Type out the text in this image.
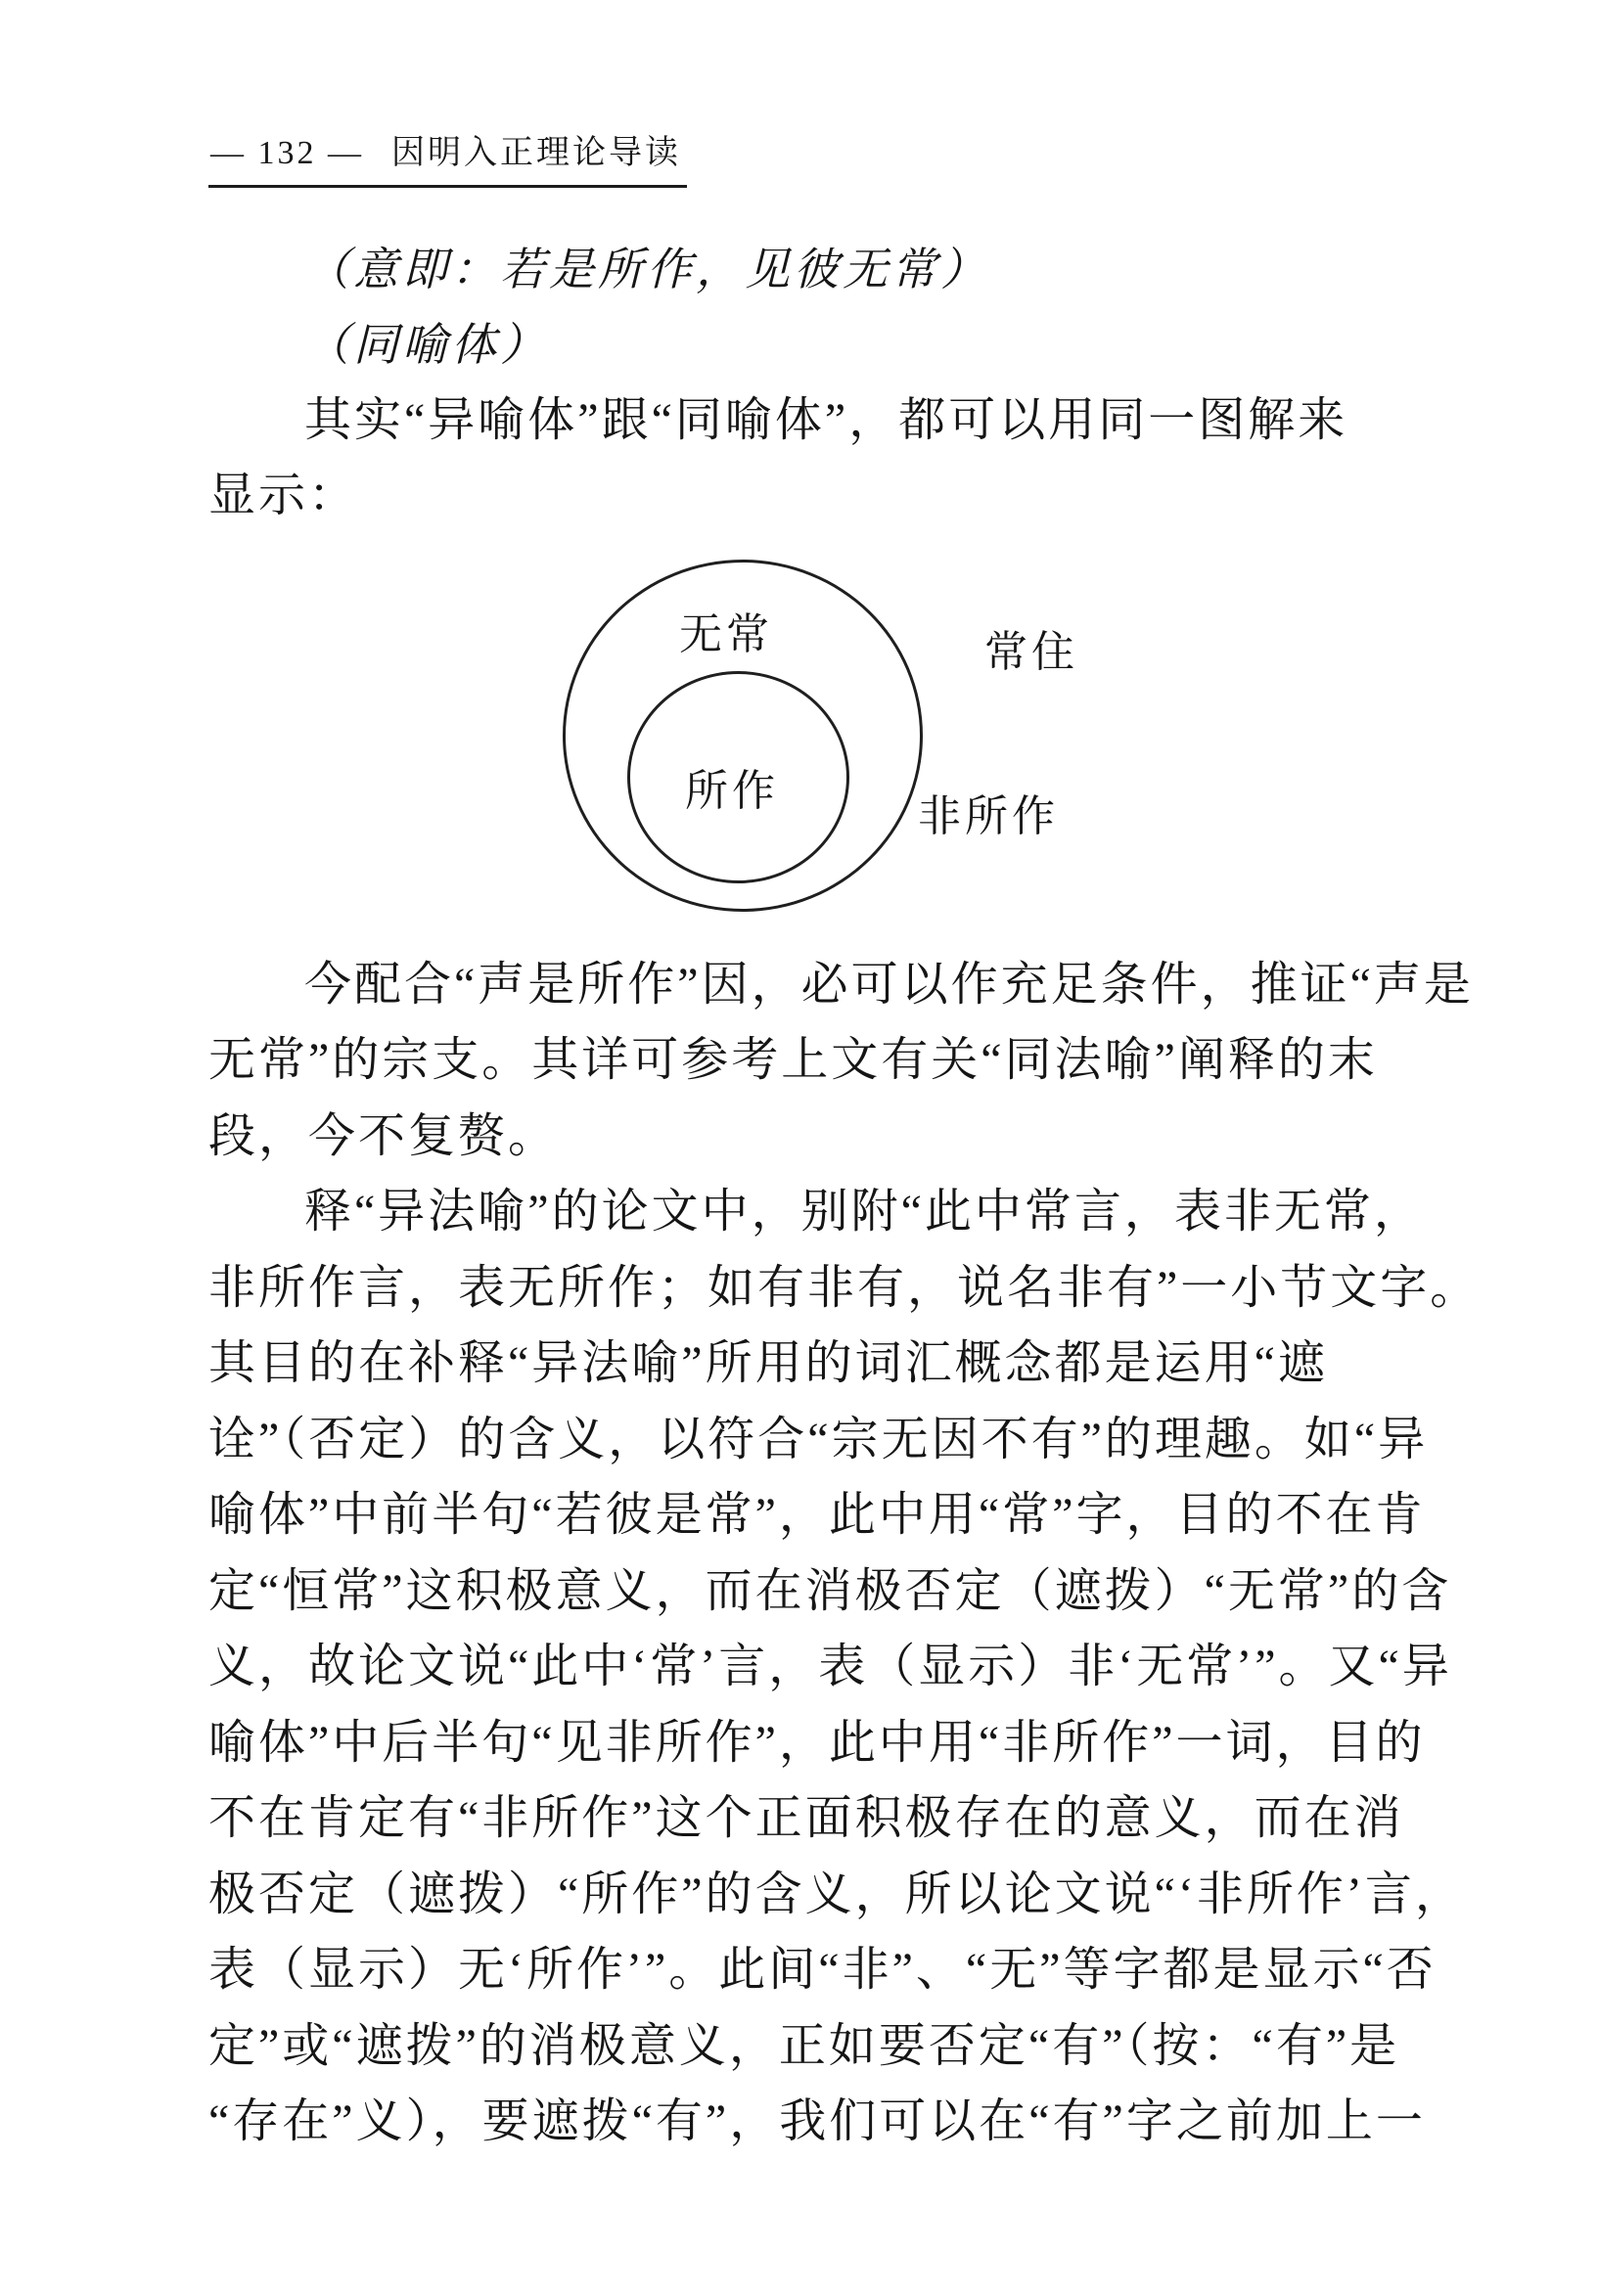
— 132 — 因明入正理论导读
（意即：若是所作，见彼无常）
（同喻体）
其实“异喻体”跟“同喻体”，都可以用同一图解来
显示：
无常
所作
常住
非所作
今配合“声是所作”因，必可以作充足条件，推证“声是
无常”的宗支。其详可参考上文有关“同法喻”阐释的末
段，今不复赘。
释“异法喻”的论文中，别附“此中常言，表非无常，
非所作言，表无所作；如有非有，说名非有”一小节文字。
其目的在补释“异法喻”所用的词汇概念都是运用“遮
诠”（否定）的含义，以符合“宗无因不有”的理趣。如“异
喻体”中前半句“若彼是常”，此中用“常”字，目的不在肯
定“恒常”这积极意义，而在消极否定（遮拨）“无常”的含
义，故论文说“此中‘常’言，表（显示）非‘无常’”。又“异
喻体”中后半句“见非所作”，此中用“非所作”一词，目的
不在肯定有“非所作”这个正面积极存在的意义，而在消
极否定（遮拨）“所作”的含义，所以论文说“‘非所作’言，
表（显示）无‘所作’”。此间“非”、“无”等字都是显示“否
定”或“遮拨”的消极意义，正如要否定“有”（按：“有”是
“存在”义），要遮拨“有”，我们可以在“有”字之前加上一
